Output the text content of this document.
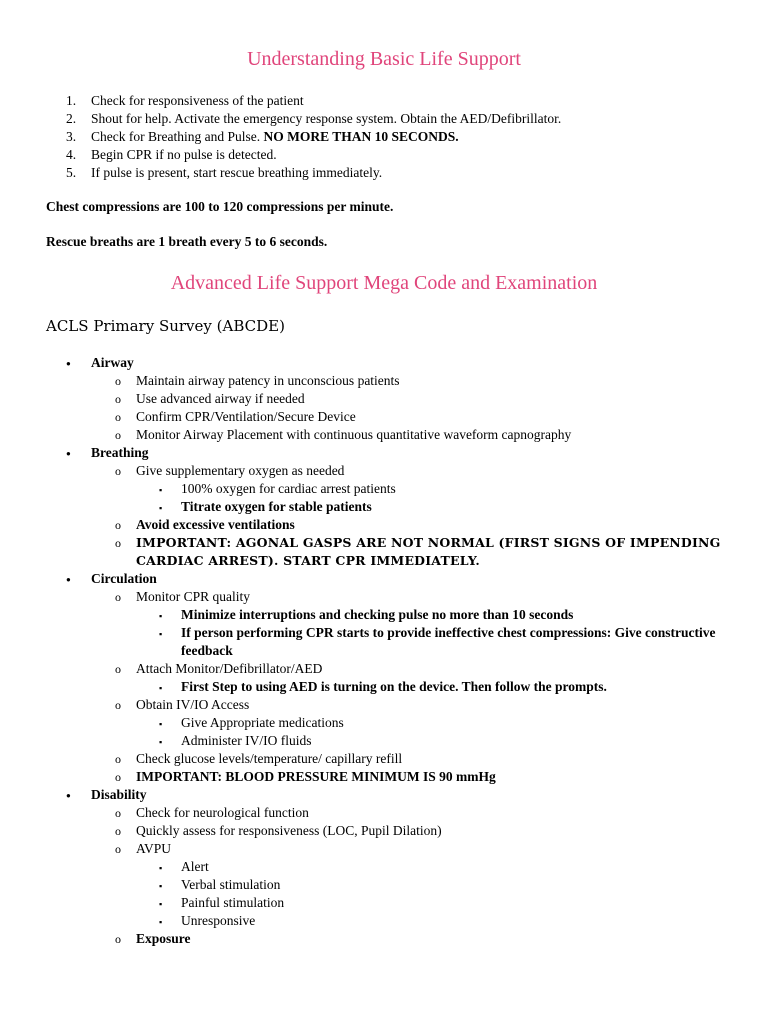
Understanding Basic Life Support
1. Check for responsiveness of the patient
2. Shout for help. Activate the emergency response system. Obtain the AED/Defibrillator.
3. Check for Breathing and Pulse. NO MORE THAN 10 SECONDS.
4. Begin CPR if no pulse is detected.
5. If pulse is present, start rescue breathing immediately.

Chest compressions are 100 to 120 compressions per minute.

Rescue breaths are 1 breath every 5 to 6 seconds.

Advanced Life Support Mega Code and Examination
ACLS Primary Survey (ABCDE)
● Airway
o Maintain airway patency in unconscious patients
o Use advanced airway if needed
o Confirm CPR/Ventilation/Secure Device
o Monitor Airway Placement with continuous quantitative waveform capnography
● Breathing
o Give supplementary oxygen as needed
▪ 100% oxygen for cardiac arrest patients
▪ Titrate oxygen for stable patients
o Avoid excessive ventilations
o IMPORTANT: AGONAL GASPS ARE NOT NORMAL (FIRST SIGNS OF IMPENDING CARDIAC ARREST). START CPR IMMEDIATELY.
● Circulation
o Monitor CPR quality
▪ Minimize interruptions and checking pulse no more than 10 seconds
▪ If person performing CPR starts to provide ineffective chest compressions: Give constructive feedback
o Attach Monitor/Defibrillator/AED
▪ First Step to using AED is turning on the device. Then follow the prompts.
o Obtain IV/IO Access
▪ Give Appropriate medications
▪ Administer IV/IO fluids
o Check glucose levels/temperature/ capillary refill
o IMPORTANT: BLOOD PRESSURE MINIMUM IS 90 mmHg
● Disability
o Check for neurological function
o Quickly assess for responsiveness (LOC, Pupil Dilation)
o AVPU
▪ Alert
▪ Verbal stimulation
▪ Painful stimulation
▪ Unresponsive
o Exposure
